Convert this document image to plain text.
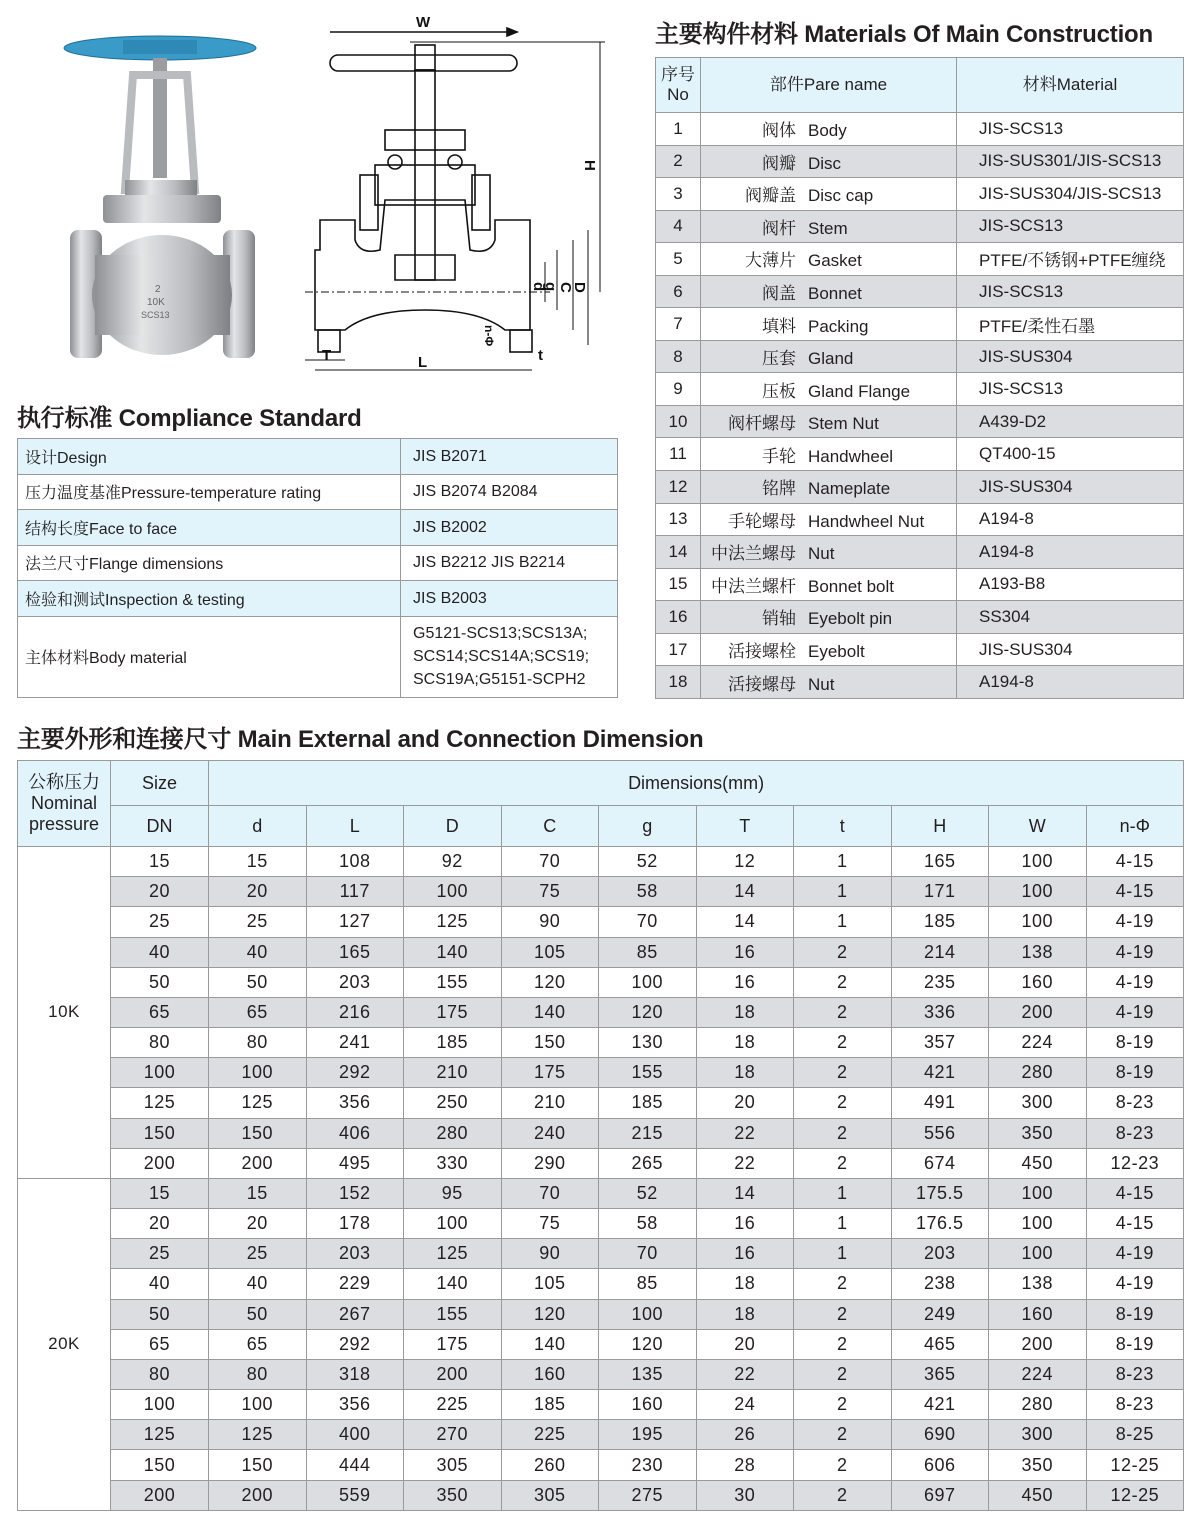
2
10K
SCS13
W
H
L
T	t
D
C
g
d
n-Φ
主要构件材料 Materials Of Main Construction
序号
No	部件Pare name	材料Material
1	阀体 Body	JIS-SCS13
2	阀瓣 Disc	JIS-SUS301/JIS-SCS13
3	阀瓣盖 Disc cap	JIS-SUS304/JIS-SCS13
4	阀杆 Stem	JIS-SCS13
5	大薄片 Gasket	PTFE/不锈钢+PTFE缠绕
6	阀盖 Bonnet	JIS-SCS13
7	填料 Packing	PTFE/柔性石墨
8	压套 Gland	JIS-SUS304
9	压板 Gland Flange	JIS-SCS13
10	阀杆螺母 Stem Nut	A439-D2
11	手轮 Handwheel	QT400-15
12	铭牌 Nameplate	JIS-SUS304
13	手轮螺母 Handwheel Nut	A194-8
14	中法兰螺母 Nut	A194-8
15	中法兰螺杆 Bonnet bolt	A193-B8
16	销轴 Eyebolt pin	SS304
17	活接螺栓 Eyebolt	JIS-SUS304
18	活接螺母 Nut	A194-8
执行标准 Compliance Standard
设计Design	JIS B2071
压力温度基准Pressure-temperature rating	JIS B2074 B2084
结构长度Face to face	JIS B2002
法兰尺寸Flange dimensions	JIS B2212 JIS B2214
检验和测试Inspection & testing	JIS B2003
主体材料Body material	G5121-SCS13;SCS13A;
SCS14;SCS14A;SCS19;
SCS19A;G5151-SCPH2
主要外形和连接尺寸 Main External and Connection Dimension
公称压力
Nominal
pressure	Size	Dimensions(mm)									
	DN	d	L	D	C	g	T	t	H	W	n-Φ
10K	15	15	108	92	70	52	12	1	165	100	4-15
	20	20	117	100	75	58	14	1	171	100	4-15
	25	25	127	125	90	70	14	1	185	100	4-19
	40	40	165	140	105	85	16	2	214	138	4-19
	50	50	203	155	120	100	16	2	235	160	4-19
	65	65	216	175	140	120	18	2	336	200	4-19
	80	80	241	185	150	130	18	2	357	224	8-19
	100	100	292	210	175	155	18	2	421	280	8-19
	125	125	356	250	210	185	20	2	491	300	8-23
	150	150	406	280	240	215	22	2	556	350	8-23
	200	200	495	330	290	265	22	2	674	450	12-23
20K	15	15	152	95	70	52	14	1	175.5	100	4-15
	20	20	178	100	75	58	16	1	176.5	100	4-15
	25	25	203	125	90	70	16	1	203	100	4-19
	40	40	229	140	105	85	18	2	238	138	4-19
	50	50	267	155	120	100	18	2	249	160	8-19
	65	65	292	175	140	120	20	2	465	200	8-19
	80	80	318	200	160	135	22	2	365	224	8-23
	100	100	356	225	185	160	24	2	421	280	8-23
	125	125	400	270	225	195	26	2	690	300	8-25
	150	150	444	305	260	230	28	2	606	350	12-25
	200	200	559	350	305	275	30	2	697	450	12-25
